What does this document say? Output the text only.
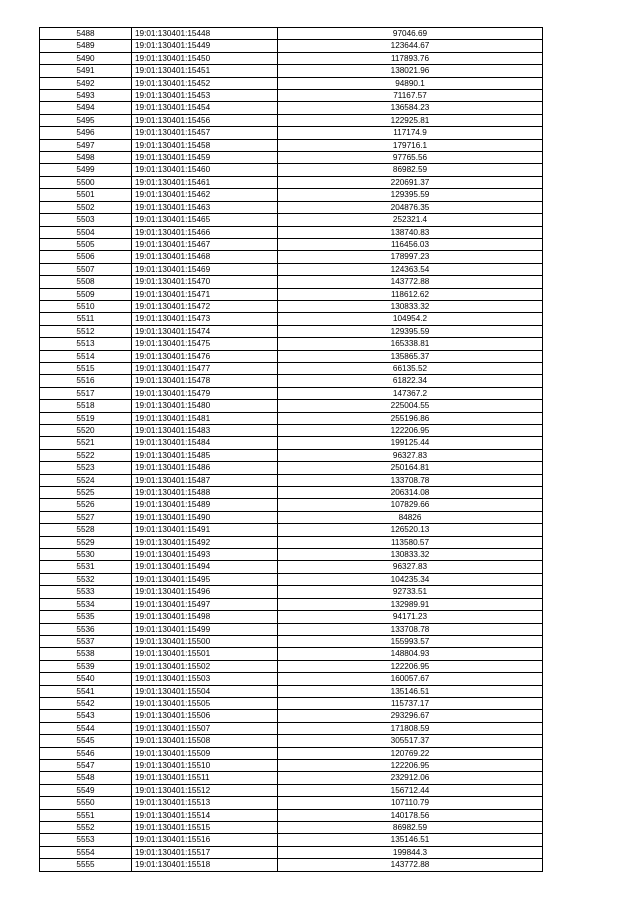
5488	19:01:130401:15448	97046.69
5489	19:01:130401:15449	123644.67
5490	19:01:130401:15450	117893.76
5491	19:01:130401:15451	138021.96
5492	19:01:130401:15452	94890.1
5493	19:01:130401:15453	71167.57
5494	19:01:130401:15454	136584.23
5495	19:01:130401:15456	122925.81
5496	19:01:130401:15457	117174.9
5497	19:01:130401:15458	179716.1
5498	19:01:130401:15459	97765.56
5499	19:01:130401:15460	86982.59
5500	19:01:130401:15461	220691.37
5501	19:01:130401:15462	129395.59
5502	19:01:130401:15463	204876.35
5503	19:01:130401:15465	252321.4
5504	19:01:130401:15466	138740.83
5505	19:01:130401:15467	116456.03
5506	19:01:130401:15468	178997.23
5507	19:01:130401:15469	124363.54
5508	19:01:130401:15470	143772.88
5509	19:01:130401:15471	118612.62
5510	19:01:130401:15472	130833.32
5511	19:01:130401:15473	104954.2
5512	19:01:130401:15474	129395.59
5513	19:01:130401:15475	165338.81
5514	19:01:130401:15476	135865.37
5515	19:01:130401:15477	66135.52
5516	19:01:130401:15478	61822.34
5517	19:01:130401:15479	147367.2
5518	19:01:130401:15480	225004.55
5519	19:01:130401:15481	255196.86
5520	19:01:130401:15483	122206.95
5521	19:01:130401:15484	199125.44
5522	19:01:130401:15485	96327.83
5523	19:01:130401:15486	250164.81
5524	19:01:130401:15487	133708.78
5525	19:01:130401:15488	206314.08
5526	19:01:130401:15489	107829.66
5527	19:01:130401:15490	84826
5528	19:01:130401:15491	126520.13
5529	19:01:130401:15492	113580.57
5530	19:01:130401:15493	130833.32
5531	19:01:130401:15494	96327.83
5532	19:01:130401:15495	104235.34
5533	19:01:130401:15496	92733.51
5534	19:01:130401:15497	132989.91
5535	19:01:130401:15498	94171.23
5536	19:01:130401:15499	133708.78
5537	19:01:130401:15500	155993.57
5538	19:01:130401:15501	148804.93
5539	19:01:130401:15502	122206.95
5540	19:01:130401:15503	160057.67
5541	19:01:130401:15504	135146.51
5542	19:01:130401:15505	115737.17
5543	19:01:130401:15506	293296.67
5544	19:01:130401:15507	171808.59
5545	19:01:130401:15508	305517.37
5546	19:01:130401:15509	120769.22
5547	19:01:130401:15510	122206.95
5548	19:01:130401:15511	232912.06
5549	19:01:130401:15512	156712.44
5550	19:01:130401:15513	107110.79
5551	19:01:130401:15514	140178.56
5552	19:01:130401:15515	86982.59
5553	19:01:130401:15516	135146.51
5554	19:01:130401:15517	199844.3
5555	19:01:130401:15518	143772.88
